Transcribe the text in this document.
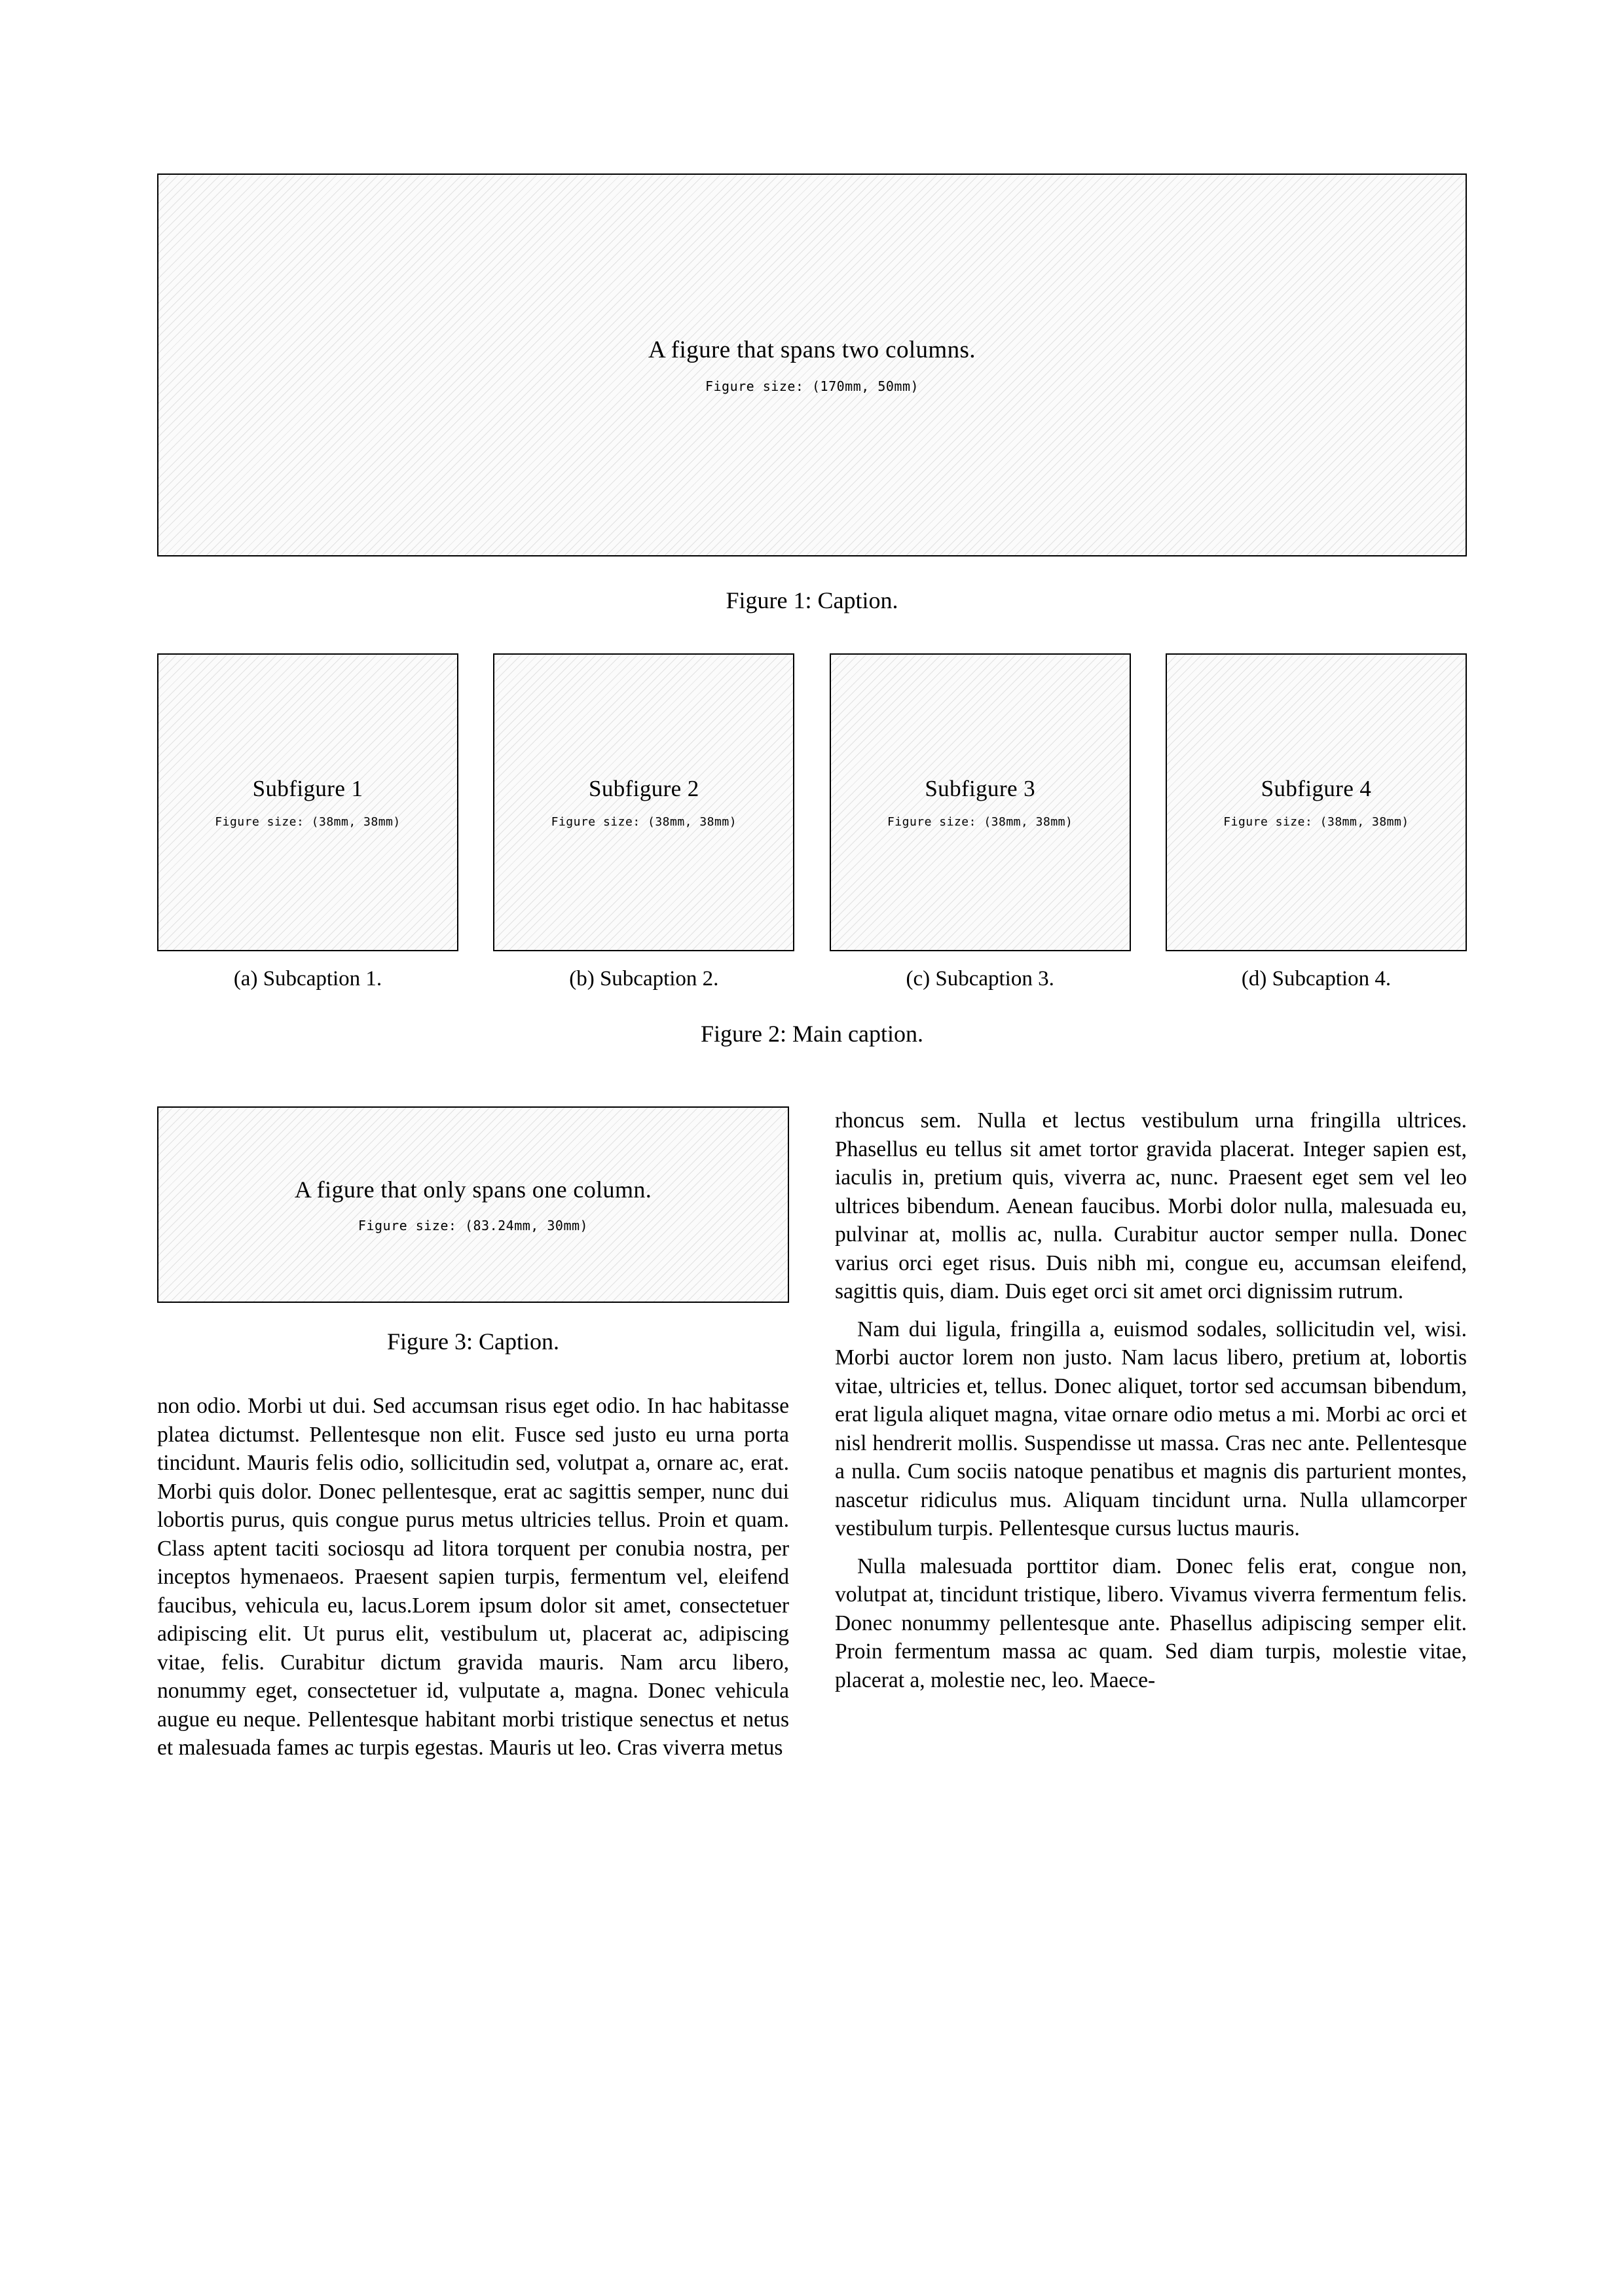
A figure that spans two columns.
Figure size: (170mm, 50mm)
Figure 1: Caption.
Subfigure 1
Figure size: (38mm, 38mm)
(a) Subcaption 1.
Subfigure 2
Figure size: (38mm, 38mm)
(b) Subcaption 2.
Subfigure 3
Figure size: (38mm, 38mm)
(c) Subcaption 3.
Subfigure 4
Figure size: (38mm, 38mm)
(d) Subcaption 4.
Figure 2: Main caption.
A figure that only spans one column.
Figure size: (83.24mm, 30mm)
Figure 3: Caption.

non odio. Morbi ut dui. Sed accumsan risus eget odio. In hac habitasse platea dictumst. Pellentesque non elit. Fusce sed justo eu urna porta tincidunt. Mauris felis odio, sollicitudin sed, volutpat a, ornare ac, erat. Morbi quis dolor. Donec pellentesque, erat ac sagittis semper, nunc dui lobortis purus, quis congue purus metus ultricies tellus. Proin et quam. Class aptent taciti sociosqu ad litora torquent per conubia nostra, per inceptos hymenaeos. Praesent sapien turpis, fermentum vel, eleifend faucibus, vehicula eu, lacus.Lorem ipsum dolor sit amet, consectetuer adipiscing elit. Ut purus elit, vestibulum ut, placerat ac, adipiscing vitae, felis. Curabitur dictum gravida mauris. Nam arcu libero, nonummy eget, consectetuer id, vulputate a, magna. Donec vehicula augue eu neque. Pellentesque habitant morbi tristique senectus et netus et malesuada fames ac turpis egestas. Mauris ut leo. Cras viverra metus

rhoncus sem. Nulla et lectus vestibulum urna fringilla ultrices. Phasellus eu tellus sit amet tortor gravida placerat. Integer sapien est, iaculis in, pretium quis, viverra ac, nunc. Praesent eget sem vel leo ultrices bibendum. Aenean faucibus. Morbi dolor nulla, malesuada eu, pulvinar at, mollis ac, nulla. Curabitur auctor semper nulla. Donec varius orci eget risus. Duis nibh mi, congue eu, accumsan eleifend, sagittis quis, diam. Duis eget orci sit amet orci dignissim rutrum.

Nam dui ligula, fringilla a, euismod sodales, sollicitudin vel, wisi. Morbi auctor lorem non justo. Nam lacus libero, pretium at, lobortis vitae, ultricies et, tellus. Donec aliquet, tortor sed accumsan bibendum, erat ligula aliquet magna, vitae ornare odio metus a mi. Morbi ac orci et nisl hendrerit mollis. Suspendisse ut massa. Cras nec ante. Pellentesque a nulla. Cum sociis natoque penatibus et magnis dis parturient montes, nascetur ridiculus mus. Aliquam tincidunt urna. Nulla ullamcorper vestibulum turpis. Pellentesque cursus luctus mauris.

Nulla malesuada porttitor diam. Donec felis erat, congue non, volutpat at, tincidunt tristique, libero. Vivamus viverra fermentum felis. Donec nonummy pellentesque ante. Phasellus adipiscing semper elit. Proin fermentum massa ac quam. Sed diam turpis, molestie vitae, placerat a, molestie nec, leo. Maece-
